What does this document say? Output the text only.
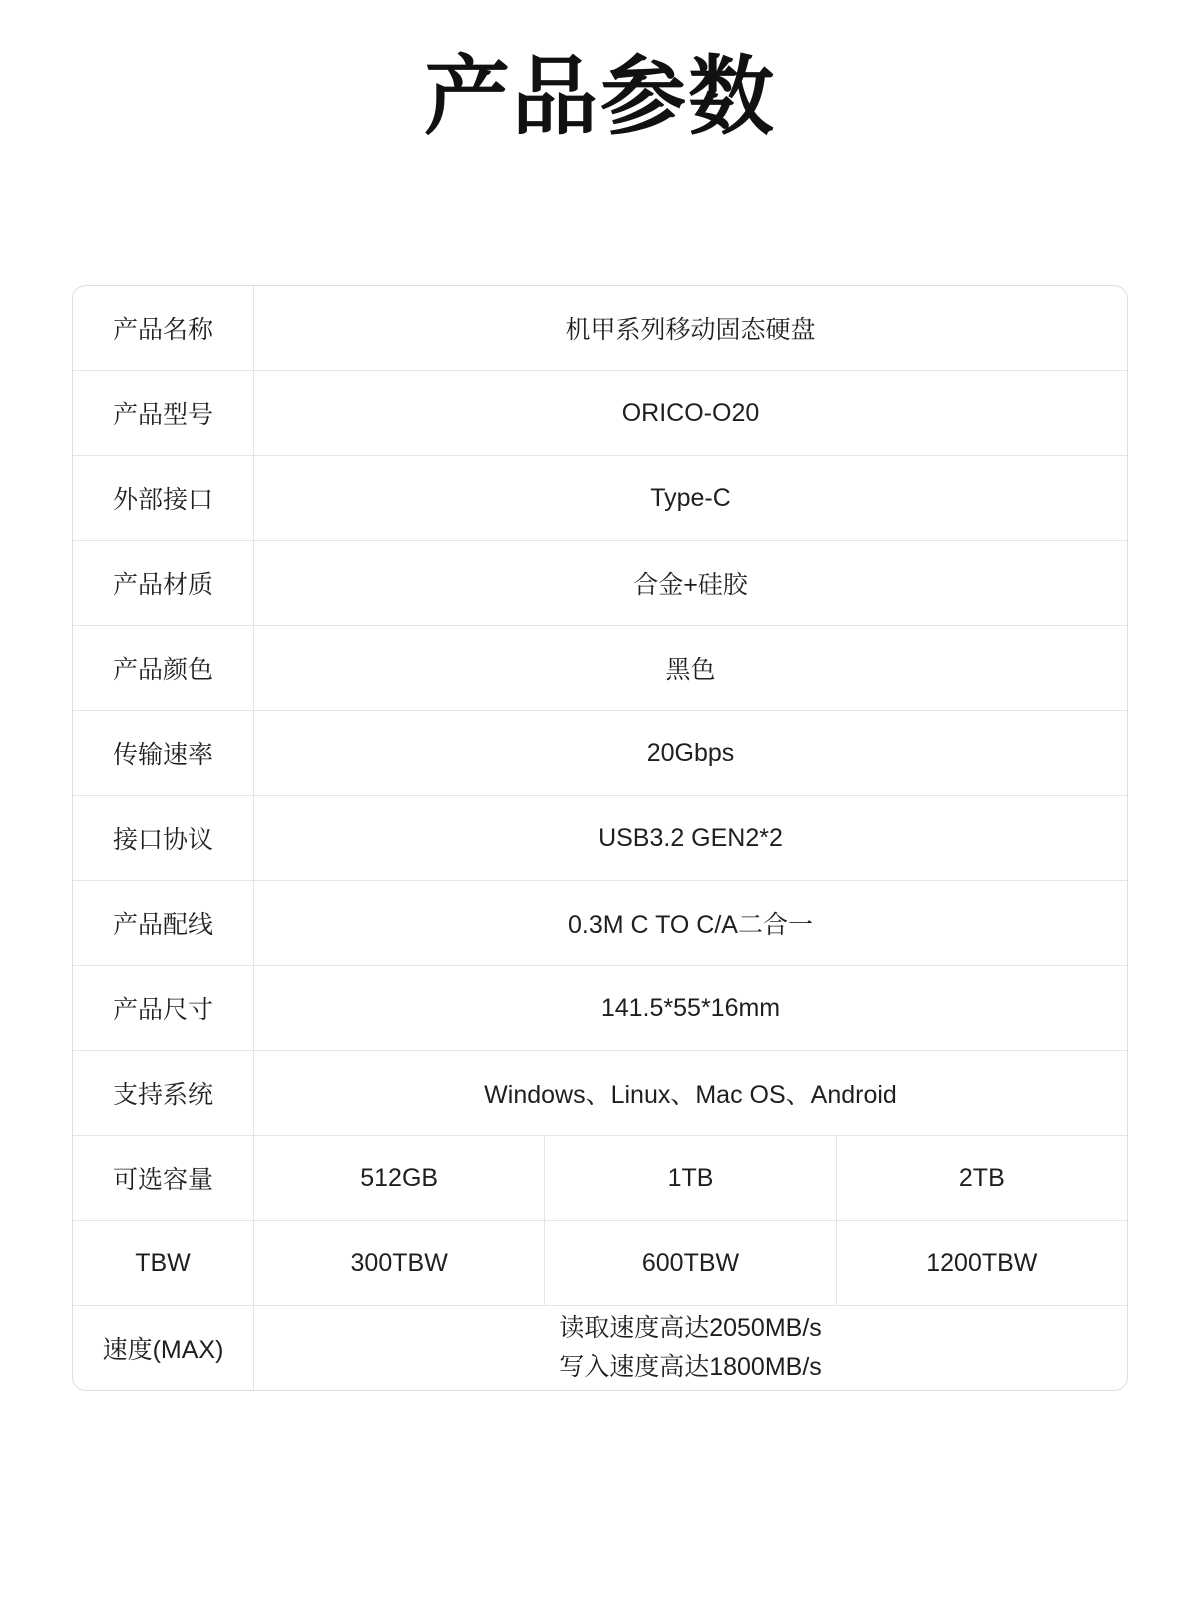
产品参数
产品名称	机甲系列移动固态硬盘		
产品型号	ORICO-O20		
外部接口	Type-C		
产品材质	合金+硅胶		
产品颜色	黑色		
传输速率	20Gbps		
接口协议	USB3.2 GEN2*2		
产品配线	0.3M C TO C/A二合一		
产品尺寸	141.5*55*16mm		
支持系统	Windows、Linux、Mac OS、Android		
可选容量	512GB	1TB	2TB
TBW	300TBW	600TBW	1200TBW
速度(MAX)	读取速度高达2050MB/s
写入速度高达1800MB/s		
